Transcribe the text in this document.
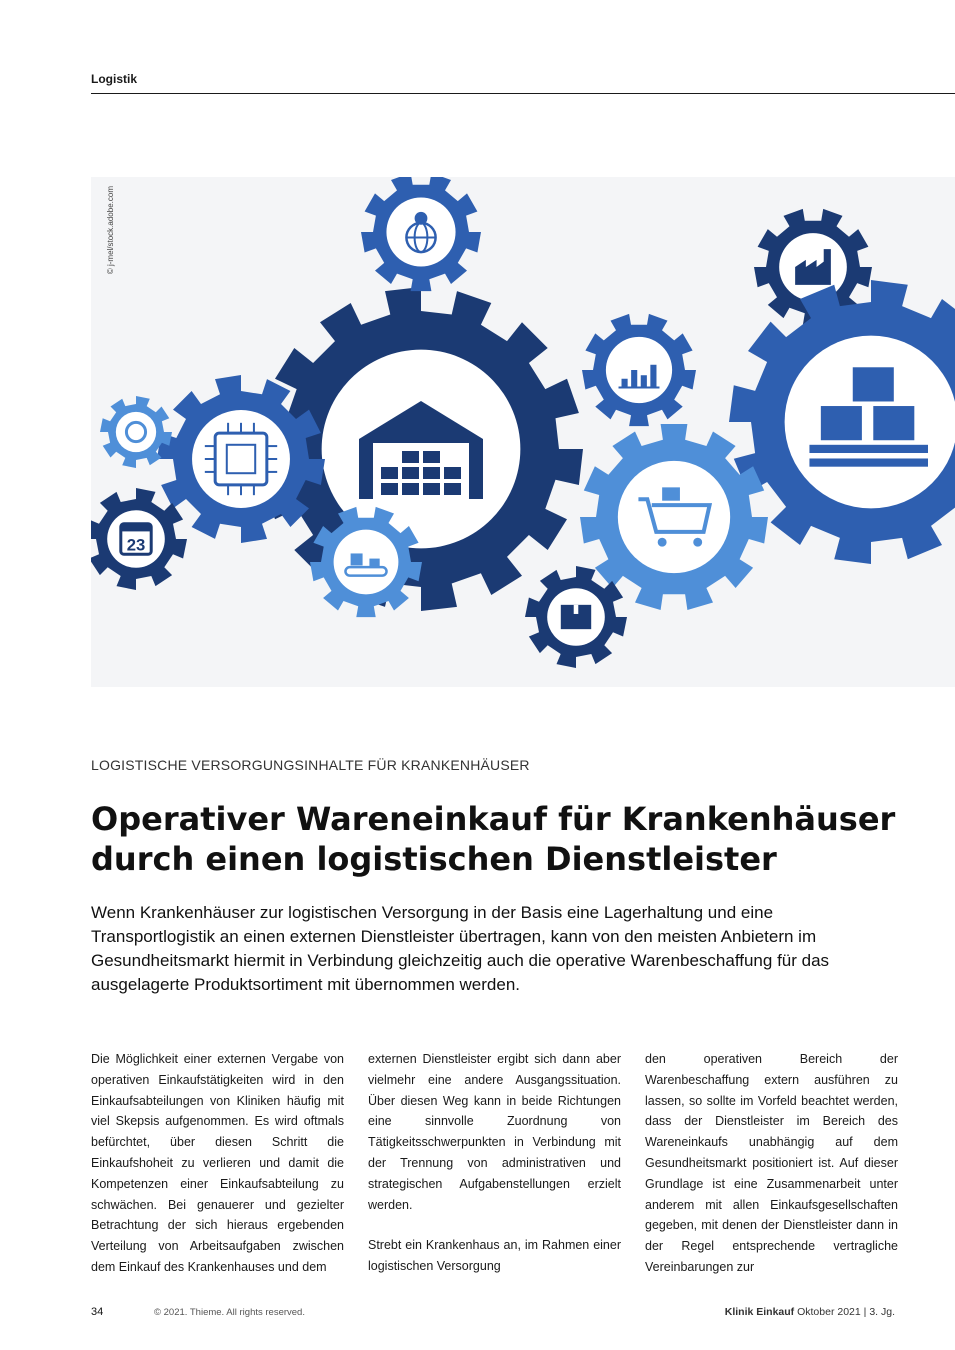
Logistik
23
© j-mel/stock.adobe.com
LOGISTISCHE VERSORGUNGSINHALTE FÜR KRANKENHÄUSER
Operativer Wareneinkauf für Krankenhäuser
durch einen logistischen Dienstleister

Wenn Krankenhäuser zur logistischen Versorgung in der Basis eine Lagerhaltung und eine Transportlogistik an einen externen Dienstleister übertragen, kann von den meisten Anbietern im Gesundheitsmarkt hiermit in Verbindung gleichzeitig auch die operative Warenbeschaffung für das ausgelagerte Produktsortiment mit übernommen werden.

Die Möglichkeit einer externen Vergabe von operativen Einkaufstätigkeiten wird in den Einkaufsabteilungen von Kliniken häufig mit viel Skepsis aufgenommen. Es wird oftmals befürchtet, über diesen Schritt die Einkaufshoheit zu verlieren und damit die Kompetenzen einer Einkaufsabteilung zu schwächen. Bei genauerer und gezielter Betrachtung der sich hieraus ergebenden Verteilung von Arbeitsaufgaben zwischen dem Einkauf des Krankenhauses und dem

externen Dienstleister ergibt sich dann aber vielmehr eine andere Ausgangssituation. Über diesen Weg kann in beide Richtungen eine sinnvolle Zuordnung von Tätigkeitsschwerpunkten in Verbindung mit der Trennung von administrativen und strategischen Aufgabenstellungen erzielt werden.

Strebt ein Krankenhaus an, im Rahmen einer logistischen Versorgung

den operativen Bereich der Warenbeschaffung extern ausführen zu lassen, so sollte im Vorfeld beachtet werden, dass der Dienstleister im Bereich des Wareneinkaufs unabhängig auf dem Gesundheitsmarkt positioniert ist. Auf dieser Grundlage ist eine Zusammenarbeit unter anderem mit allen Einkaufsgesellschaften gegeben, mit denen der Dienstleister dann in der Regel entsprechende vertragliche Vereinbarungen zur

34	© 2021. Thieme. All rights reserved.	Klinik Einkauf Oktober 2021 | 3. Jg.
